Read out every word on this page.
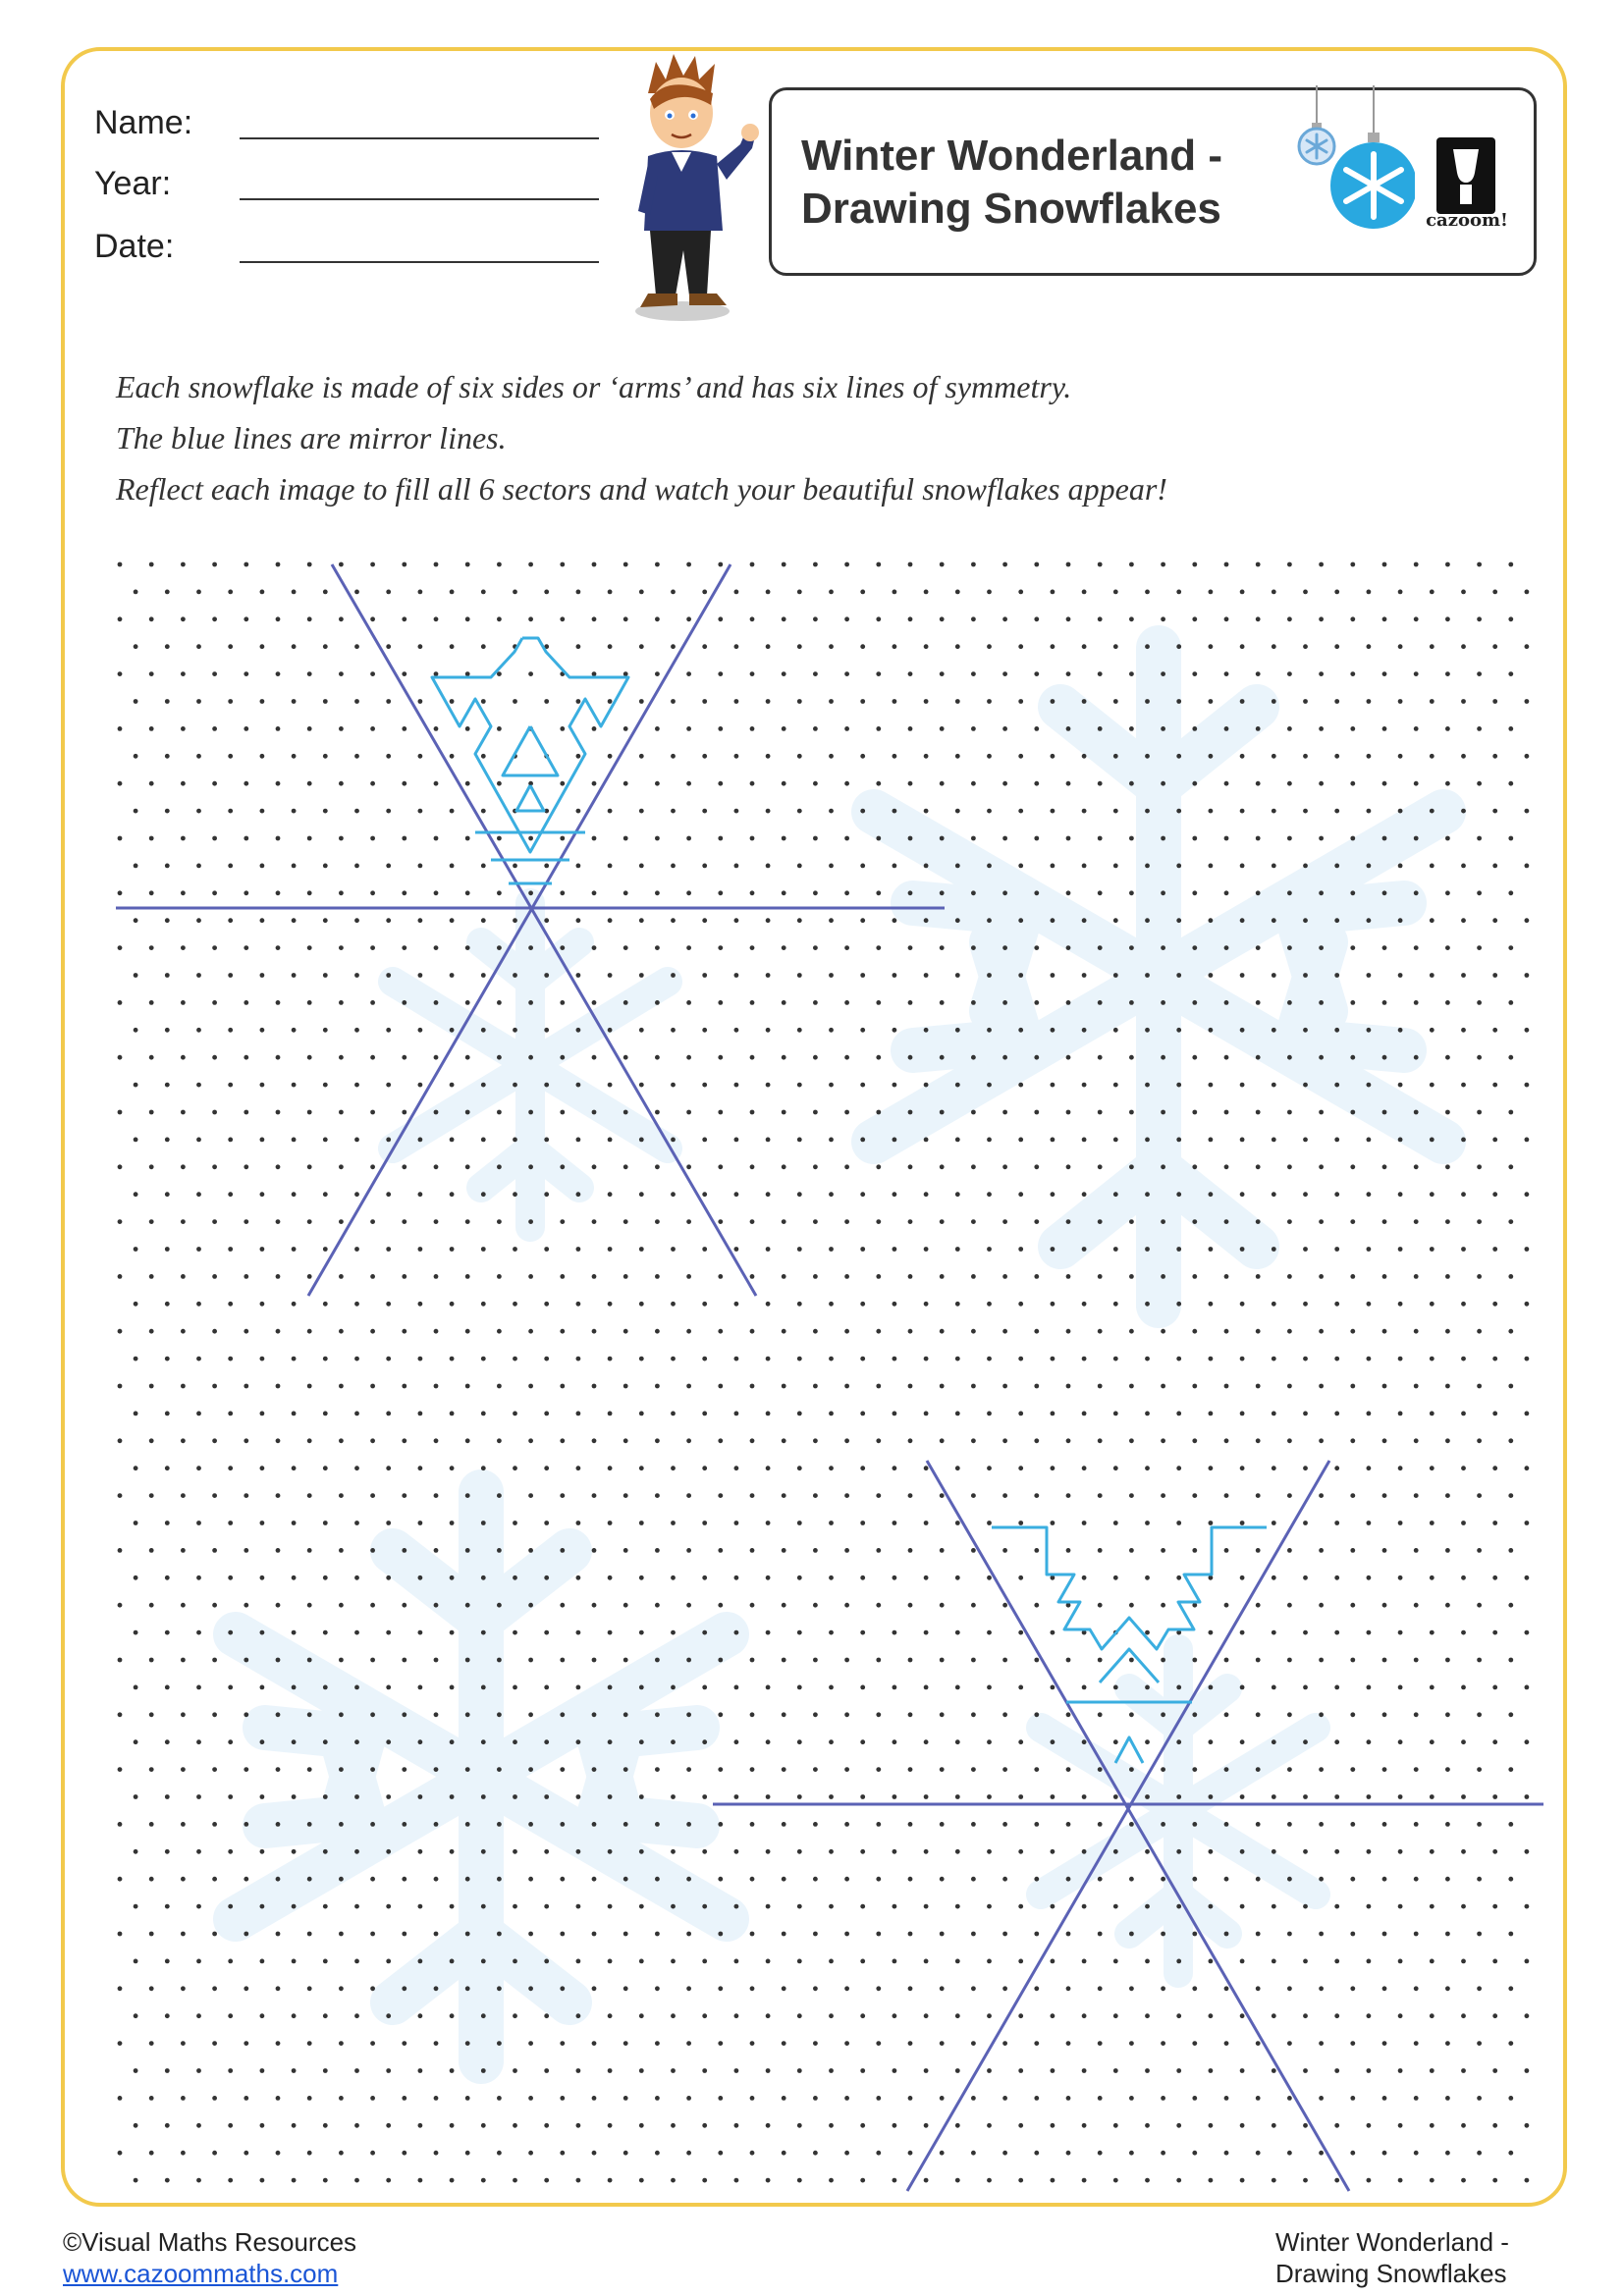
Name:
Year:
Date:
Winter Wonderland -
Drawing Snowflakes	cazoom!
Each snowflake is made of six sides or ‘arms’ and has six lines of symmetry.
The blue lines are mirror lines.
Reflect each image to fill all 6 sectors and watch your beautiful snowflakes appear!
©Visual Maths Resources
www.cazoommaths.com
Winter Wonderland -
Drawing Snowflakes
